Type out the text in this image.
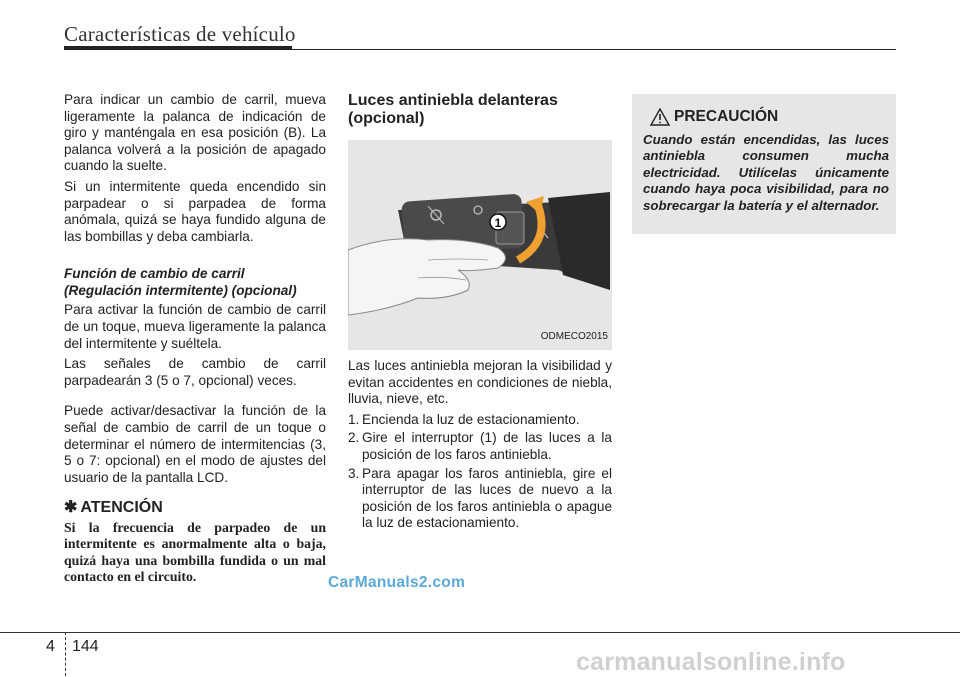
Características de vehículo

Para indicar un cambio de carril, mueva ligeramente la palanca de indicación de giro y manténgala en esa posición (B). La palanca volverá a la posición de apagado cuando la suelte.

Si un intermitente queda encendido sin parpadear o si parpadea de forma anómala, quizá se haya fundido alguna de las bombillas y deba cambiarla.

Función de cambio de carril
(Regulación intermitente) (opcional)

Para activar la función de cambio de carril de un toque, mueva ligeramente la palanca del intermitente y suéltela.

Las señales de cambio de carril parpadearán 3 (5 o 7, opcional) veces.

Puede activar/desactivar la función de la señal de cambio de carril de un toque o determinar el número de intermitencias (3, 5 o 7: opcional) en el modo de ajustes del usuario de la pantalla LCD.

✱ ATENCIÓN
Si la frecuencia de parpadeo de un intermitente es anormalmente alta o baja, quizá haya una bombilla fundida o un mal contacto en el circuito.
Luces antiniebla delanteras (opcional)
1
ODMECO2015

Las luces antiniebla mejoran la visibilidad y evitan accidentes en condiciones de niebla, lluvia, nieve, etc.

1. Encienda la luz de estacionamiento.
2. Gire el interruptor (1) de las luces a la posición de los faros antiniebla.
3. Para apagar los faros antiniebla, gire el interruptor de las luces de nuevo a la posición de los faros antiniebla o apague la luz de estacionamiento.
PRECAUCIÓN
Cuando están encendidas, las luces antiniebla consumen mucha electricidad. Utilícelas únicamente cuando haya poca visibilidad, para no sobrecargar la batería y el alternador.
CarManuals2.com
4 144
carmanualsonline.info
